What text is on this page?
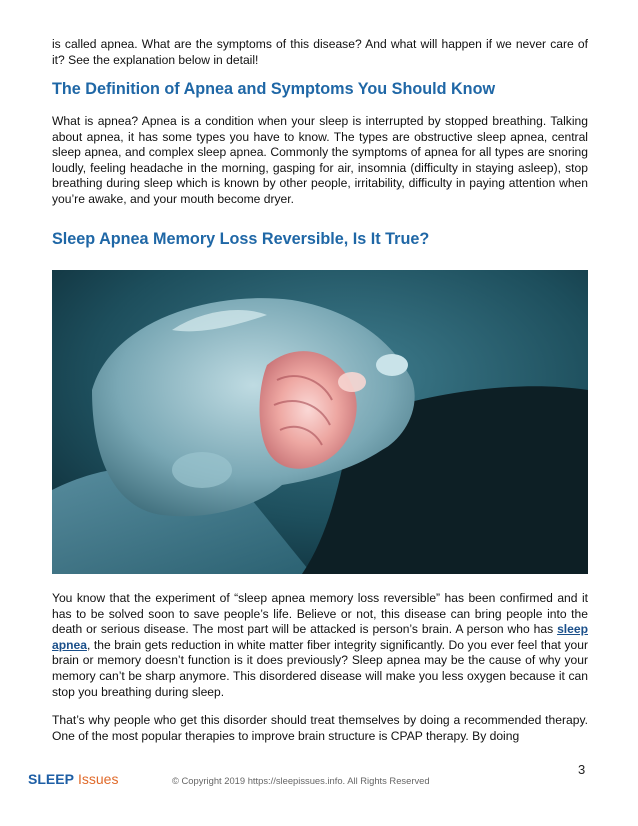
is called apnea. What are the symptoms of this disease? And what will happen if we never care of it? See the explanation below in detail!

The Definition of Apnea and Symptoms You Should Know

What is apnea? Apnea is a condition when your sleep is interrupted by stopped breathing. Talking about apnea, it has some types you have to know. The types are obstructive sleep apnea, central sleep apnea, and complex sleep apnea. Commonly the symptoms of apnea for all types are snoring loudly, feeling headache in the morning, gasping for air, insomnia (difficulty in staying asleep), stop breathing during sleep which is known by other people, irritability, difficulty in paying attention when you’re awake, and your mouth become dryer.

Sleep Apnea Memory Loss Reversible, Is It True?

You know that the experiment of “sleep apnea memory loss reversible” has been confirmed and it has to be solved soon to save people’s life. Believe or not, this disease can bring people into the death or serious disease. The most part will be attacked is person’s brain. A person who has sleep apnea, the brain gets reduction in white matter fiber integrity significantly. Do you ever feel that your brain or memory doesn’t function is it does previously? Sleep apnea may be the cause of why your memory can’t be sharp anymore. This disordered disease will make you less oxygen because it can stop you breathing during sleep.

That’s why people who get this disorder should treat themselves by doing a recommended therapy. One of the most popular therapies to improve brain structure is CPAP therapy. By doing

SLEEP Issues	© Copyright 2019 https://sleepissues.info. All Rights Reserved
3
